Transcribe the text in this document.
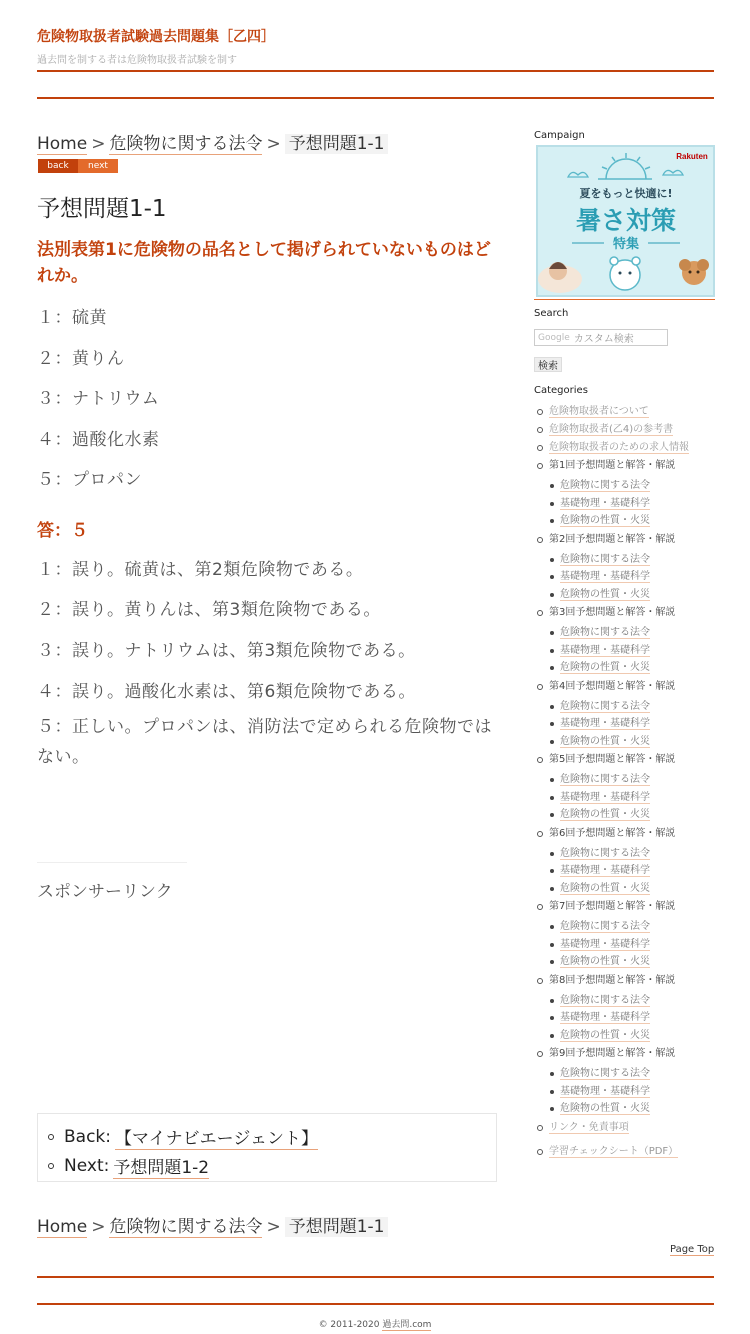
危険物取扱者試験過去問題集［乙四］
過去問を制する者は危険物取扱者試験を制す
Home > 危険物に関する法令 > 予想問題1-1
back	next
予想問題1-1
法別表第1に危険物の品名として掲げられていないものはどれか。
１：硫黄
２：黄りん
３：ナトリウム
４：過酸化水素
５：プロパン
答：５
１：誤り。硫黄は、第2類危険物である。
２：誤り。黄りんは、第3類危険物である。
３：誤り。ナトリウムは、第3類危険物である。
４：誤り。過酸化水素は、第6類危険物である。
５：正しい。プロパンは、消防法で定められる危険物ではない。
スポンサーリンク
Back: 【マイナビエージェント】
Next: 予想問題1-2
Home > 危険物に関する法令 > 予想問題1-1
Page Top
© 2011-2020 過去問.com
Campaign
Rakuten
夏をもっと快適に!
暑さ対策
特集
Search
Google カスタム検索
検索
Categories
危険物取扱者について
危険物取扱者(乙4)の参考書
危険物取扱者のための求人情報
第1回予想問題と解答・解説
危険物に関する法令
基礎物理・基礎科学
危険物の性質・火災
第2回予想問題と解答・解説
危険物に関する法令
基礎物理・基礎科学
危険物の性質・火災
第3回予想問題と解答・解説
危険物に関する法令
基礎物理・基礎科学
危険物の性質・火災
第4回予想問題と解答・解説
危険物に関する法令
基礎物理・基礎科学
危険物の性質・火災
第5回予想問題と解答・解説
危険物に関する法令
基礎物理・基礎科学
危険物の性質・火災
第6回予想問題と解答・解説
危険物に関する法令
基礎物理・基礎科学
危険物の性質・火災
第7回予想問題と解答・解説
危険物に関する法令
基礎物理・基礎科学
危険物の性質・火災
第8回予想問題と解答・解説
危険物に関する法令
基礎物理・基礎科学
危険物の性質・火災
第9回予想問題と解答・解説
危険物に関する法令
基礎物理・基礎科学
危険物の性質・火災
リンク・免責事項
学習チェックシート（PDF）
